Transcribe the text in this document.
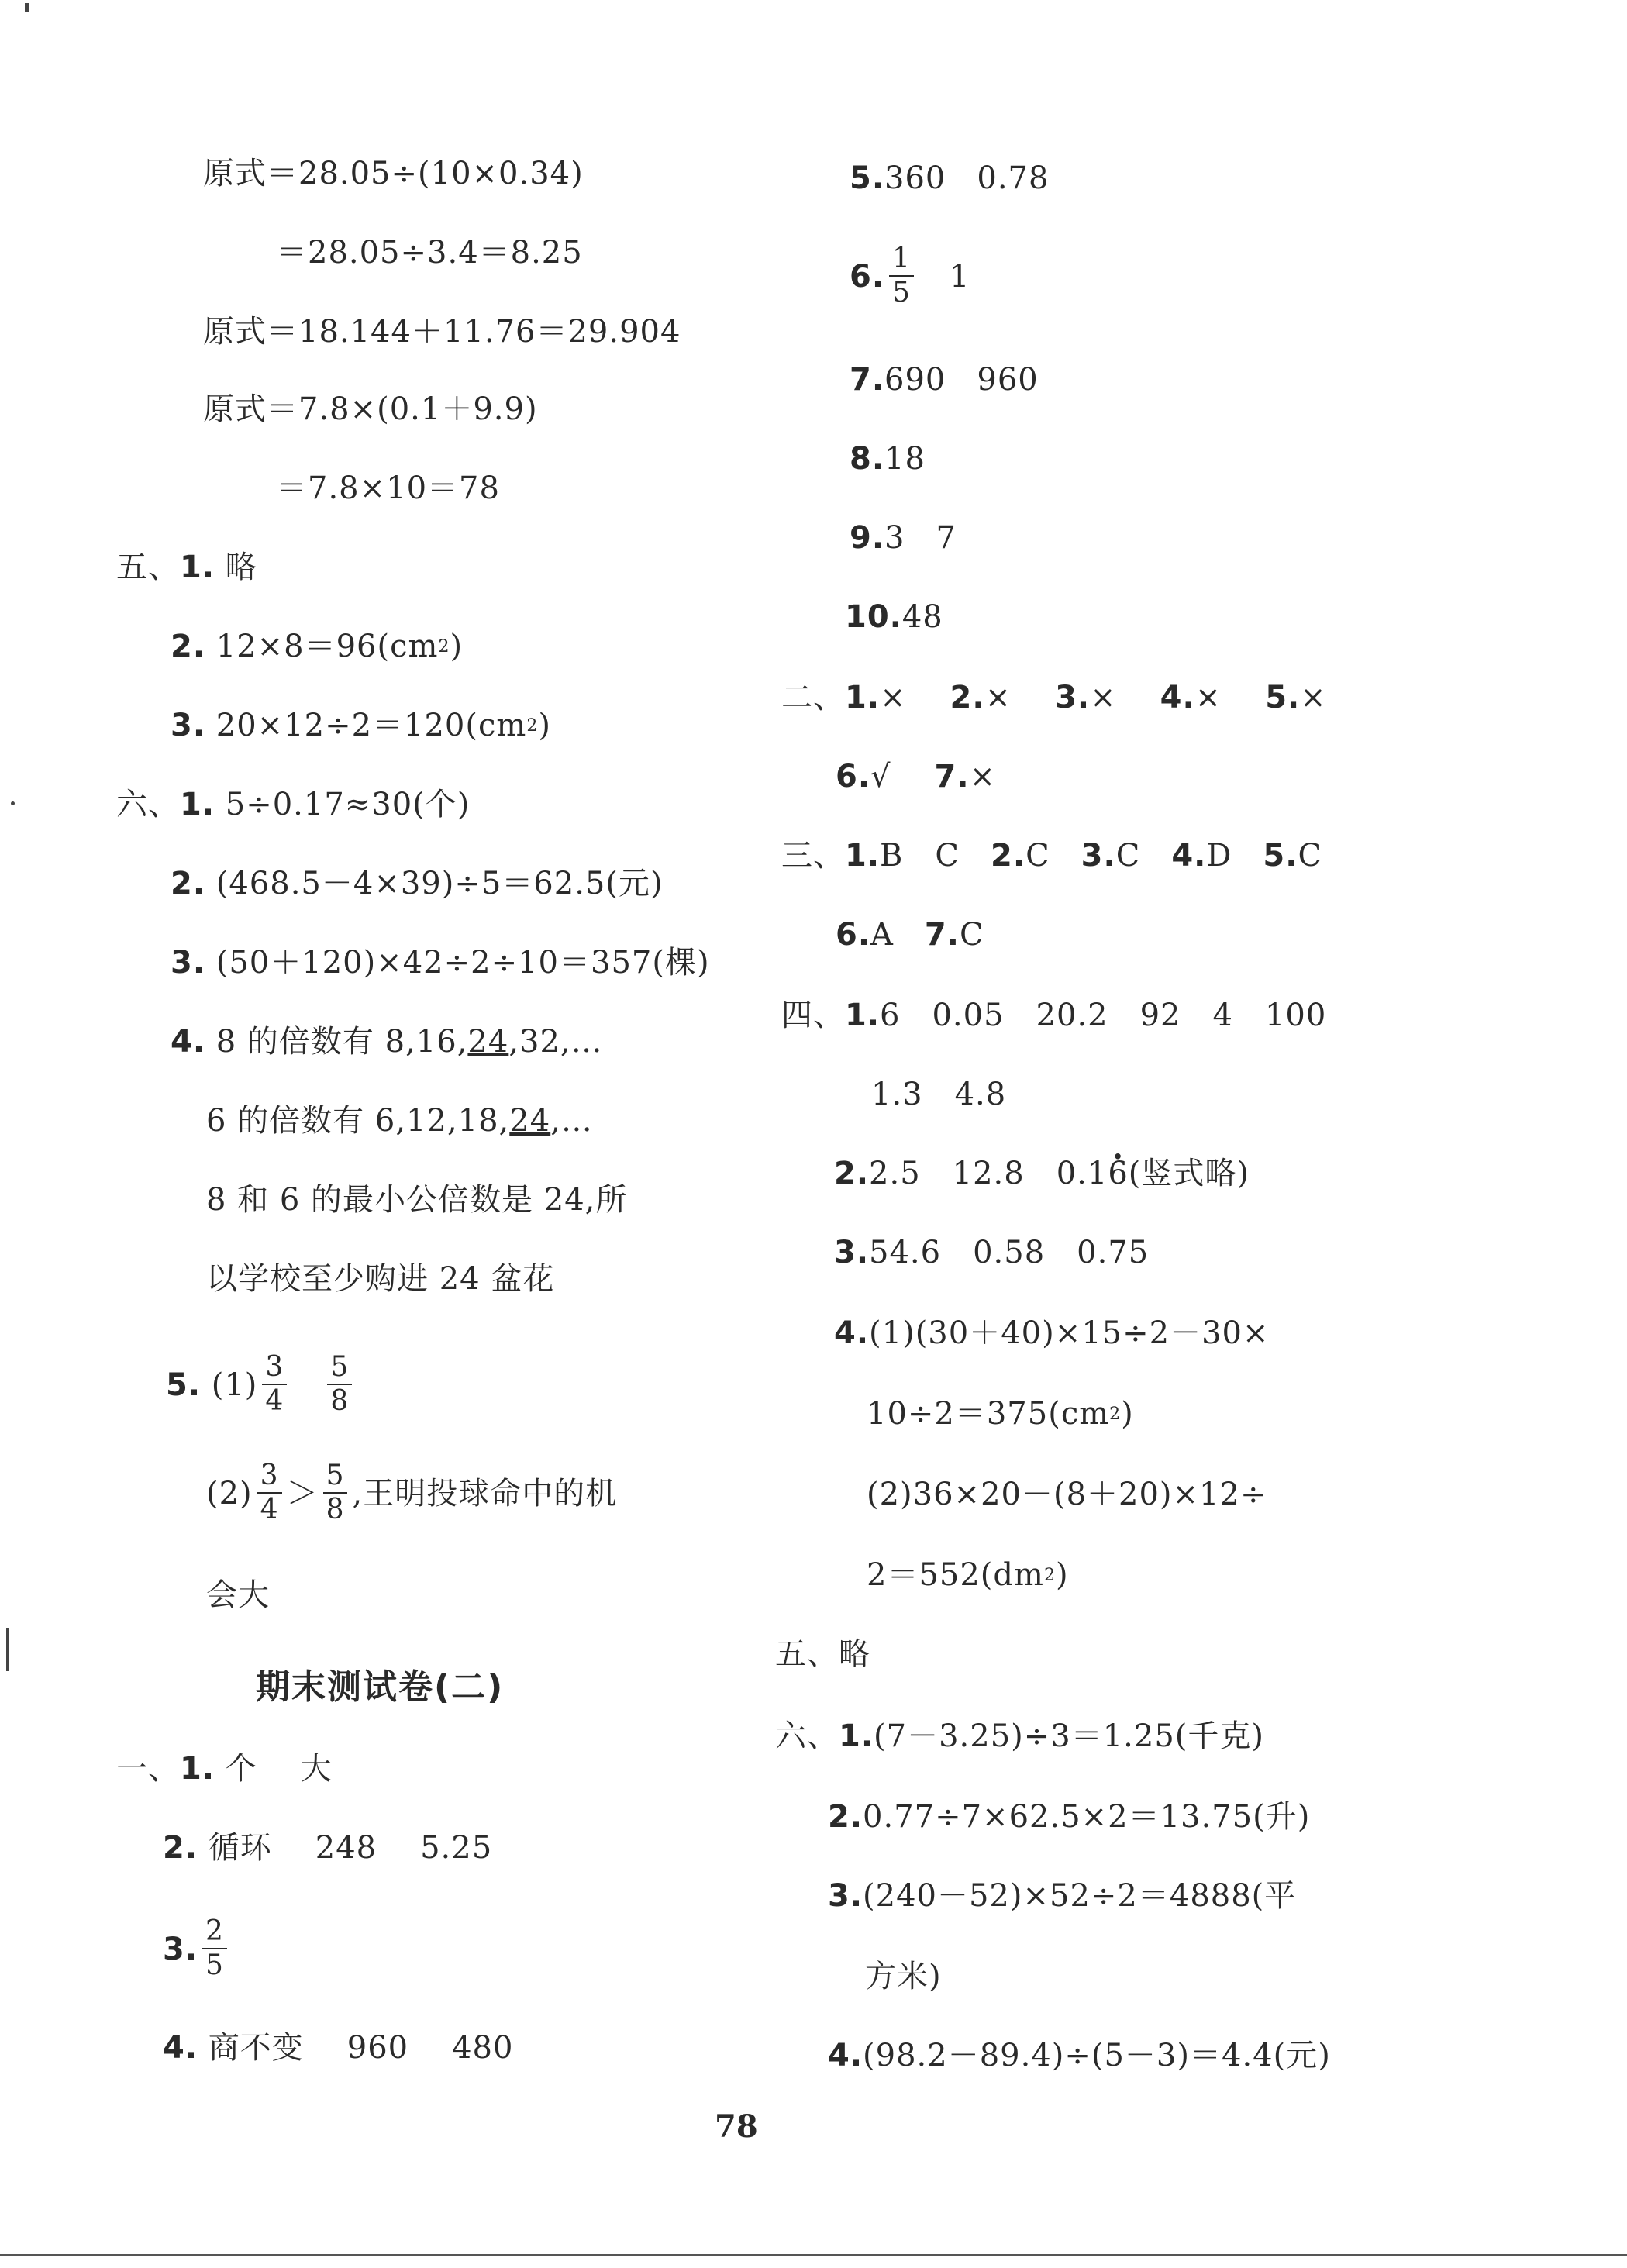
原式＝28.05÷(10×0.34)
＝28.05÷3.4＝8.25
原式＝18.144＋11.76＝29.904
原式＝7.8×(0.1＋9.9)
＝7.8×10＝78
五、1. 略
2. $12\times 8=96(cm^2)$
3. $20\times 12\div 2=120(cm^2)$
六、1. 5÷0.17≈30(个)
2. (468.5－4×39)÷5＝62.5(元)
3. (50＋120)×42÷2÷10＝357(棵)
4. 8 的倍数有 8,16,24,32,…
6 的倍数有 6,12,18,24,…
8 和 6 的最小公倍数是 24,所
以学校至少购进 24 盆花
5. $(1) \frac{3}{4} \frac{5}{8}$
$(2) \frac{3}{4} > \frac{5}{8}$ ,王明投球命中的机
会大
期末测试卷(二)
一、1. 个 大
2. 循环 248 5.25
3. $\frac{2}{5}$
4. 商不变 960 480
5.360 0.78
6. $\frac{1}{5} 1$
7.690 960
8.18
9.3 7
10.48
二、1.× 2.× 3.× 4.× 5.×
6.√ 7.×
三、1.B　C 2.C 3.C 4.D 5.C
6.A 7.C
四、1.6　0.05　20.2　92　4　100
1.3　4.8
2.2.5　12.8　0.1· 6(竖式略)
3.54.6　0.58　0.75
4.(1)(30＋40)×15÷2－30×
$10\div 2=375(cm^2)$
(2)36×20－(8＋20)×12÷
$2=552(dm^2)$
五、略
六、1.(7－3.25)÷3＝1.25(千克)
2.0.77÷7×62.5×2＝13.75(升)
3.(240－52)×52÷2＝4888(平
方米)
4.(98.2－89.4)÷(5－3)＝4.4(元)
78
